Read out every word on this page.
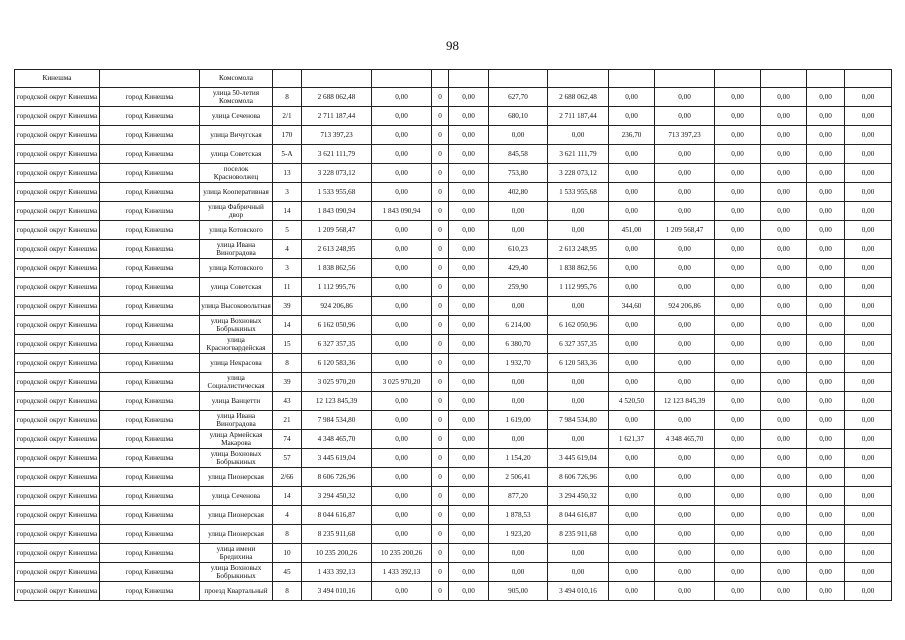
98
Кинешма		Комсомола													
городской округ Кинешма	город Кинешма	улица 50-летия Комсомола	8	2 688 062,48	0,00	0	0,00	627,70	2 688 062,48	0,00	0,00	0,00	0,00	0,00	0,00
городской округ Кинешма	город Кинешма	улица Сеченова	2/1	2 711 187,44	0,00	0	0,00	680,10	2 711 187,44	0,00	0,00	0,00	0,00	0,00	0,00
городской округ Кинешма	город Кинешма	улица Вичугская	170	713 397,23	0,00	0	0,00	0,00	0,00	236,70	713 397,23	0,00	0,00	0,00	0,00
городской округ Кинешма	город Кинешма	улица Советская	5-А	3 621 111,79	0,00	0	0,00	845,58	3 621 111,79	0,00	0,00	0,00	0,00	0,00	0,00
городской округ Кинешма	город Кинешма	поселок Красноволжец	13	3 228 073,12	0,00	0	0,00	753,80	3 228 073,12	0,00	0,00	0,00	0,00	0,00	0,00
городской округ Кинешма	город Кинешма	улица Кооперативная	3	1 533 955,68	0,00	0	0,00	402,80	1 533 955,68	0,00	0,00	0,00	0,00	0,00	0,00
городской округ Кинешма	город Кинешма	улица Фабричный двор	14	1 843 090,94	1 843 090,94	0	0,00	0,00	0,00	0,00	0,00	0,00	0,00	0,00	0,00
городской округ Кинешма	город Кинешма	улица Котовского	5	1 209 568,47	0,00	0	0,00	0,00	0,00	451,00	1 209 568,47	0,00	0,00	0,00	0,00
городской округ Кинешма	город Кинешма	улица Ивана Виноградова	4	2 613 248,95	0,00	0	0,00	610,23	2 613 248,95	0,00	0,00	0,00	0,00	0,00	0,00
городской округ Кинешма	город Кинешма	улица Котовского	3	1 838 862,56	0,00	0	0,00	429,40	1 838 862,56	0,00	0,00	0,00	0,00	0,00	0,00
городской округ Кинешма	город Кинешма	улица Советская	11	1 112 995,76	0,00	0	0,00	259,90	1 112 995,76	0,00	0,00	0,00	0,00	0,00	0,00
городской округ Кинешма	город Кинешма	улица Высоковольтная	39	924 206,86	0,00	0	0,00	0,00	0,00	344,60	924 206,86	0,00	0,00	0,00	0,00
городской округ Кинешма	город Кинешма	улица Вохновых Бобрыкиных	14	6 162 050,96	0,00	0	0,00	6 214,00	6 162 050,96	0,00	0,00	0,00	0,00	0,00	0,00
городской округ Кинешма	город Кинешма	улица Красногвардейская	15	6 327 357,35	0,00	0	0,00	6 380,70	6 327 357,35	0,00	0,00	0,00	0,00	0,00	0,00
городской округ Кинешма	город Кинешма	улица Некрасова	8	6 120 583,36	0,00	0	0,00	1 932,70	6 120 583,36	0,00	0,00	0,00	0,00	0,00	0,00
городской округ Кинешма	город Кинешма	улица Социалистическая	39	3 025 970,20	3 025 970,20	0	0,00	0,00	0,00	0,00	0,00	0,00	0,00	0,00	0,00
городской округ Кинешма	город Кинешма	улица Ванцетти	43	12 123 845,39	0,00	0	0,00	0,00	0,00	4 520,50	12 123 845,39	0,00	0,00	0,00	0,00
городской округ Кинешма	город Кинешма	улица Ивана Виноградова	21	7 984 534,80	0,00	0	0,00	1 619,00	7 984 534,80	0,00	0,00	0,00	0,00	0,00	0,00
городской округ Кинешма	город Кинешма	улица Армейская Макарова	74	4 348 465,70	0,00	0	0,00	0,00	0,00	1 621,37	4 348 465,70	0,00	0,00	0,00	0,00
городской округ Кинешма	город Кинешма	улица Вохновых Бобрыкиных	57	3 445 619,04	0,00	0	0,00	1 154,20	3 445 619,04	0,00	0,00	0,00	0,00	0,00	0,00
городской округ Кинешма	город Кинешма	улица Пионерская	2/66	8 606 726,96	0,00	0	0,00	2 506,41	8 606 726,96	0,00	0,00	0,00	0,00	0,00	0,00
городской округ Кинешма	город Кинешма	улица Сеченова	14	3 294 450,32	0,00	0	0,00	877,20	3 294 450,32	0,00	0,00	0,00	0,00	0,00	0,00
городской округ Кинешма	город Кинешма	улица Пионерская	4	8 044 616,87	0,00	0	0,00	1 878,53	8 044 616,87	0,00	0,00	0,00	0,00	0,00	0,00
городской округ Кинешма	город Кинешма	улица Пионерская	8	8 235 911,68	0,00	0	0,00	1 923,20	8 235 911,68	0,00	0,00	0,00	0,00	0,00	0,00
городской округ Кинешма	город Кинешма	улица имени Бредихина	10	10 235 200,26	10 235 200,26	0	0,00	0,00	0,00	0,00	0,00	0,00	0,00	0,00	0,00
городской округ Кинешма	город Кинешма	улица Вохновых Бобрыкиных	45	1 433 392,13	1 433 392,13	0	0,00	0,00	0,00	0,00	0,00	0,00	0,00	0,00	0,00
городской округ Кинешма	город Кинешма	проезд Квартальный	8	3 494 010,16	0,00	0	0,00	905,00	3 494 010,16	0,00	0,00	0,00	0,00	0,00	0,00
